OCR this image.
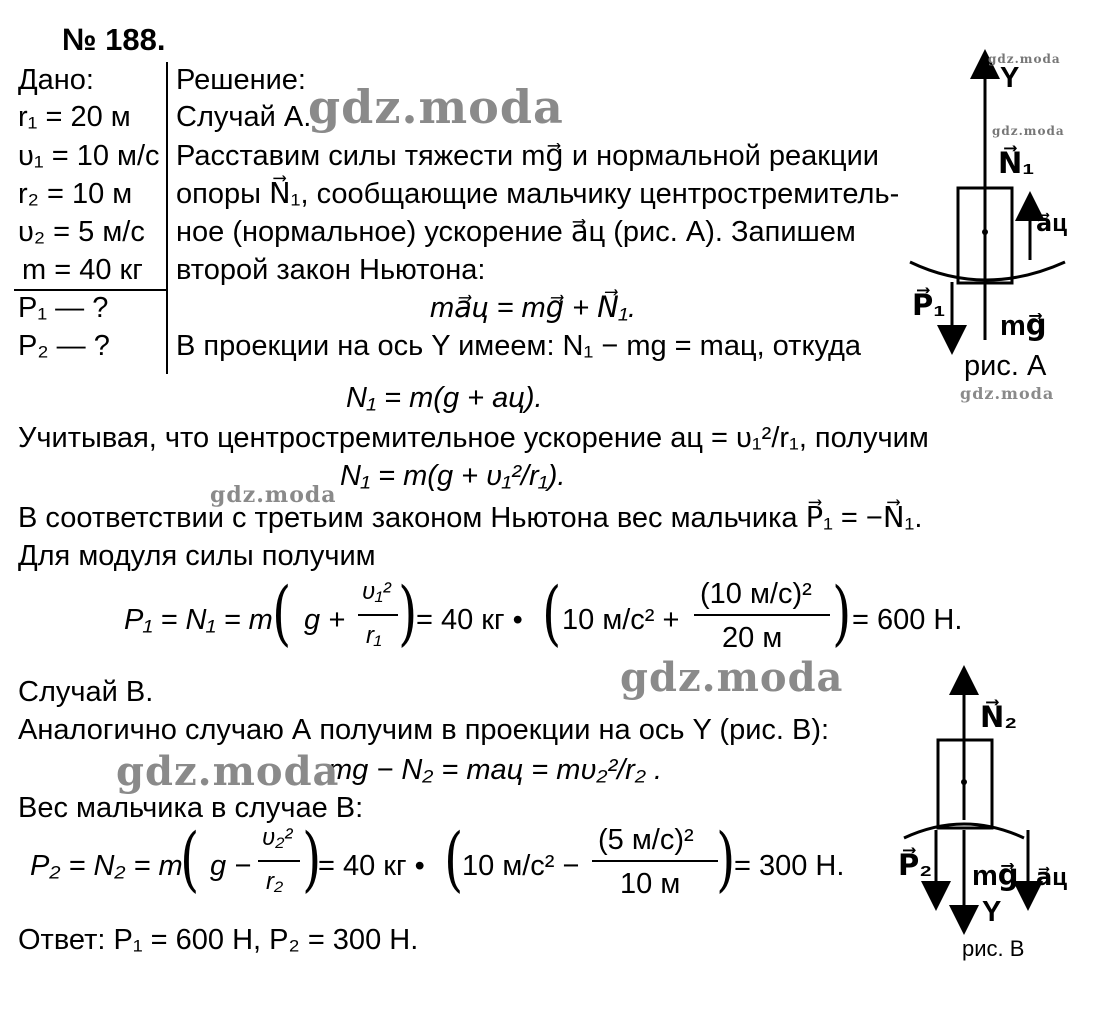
№ 188.
Дано:
r₁ = 20 м
υ₁ = 10 м/с
r₂ = 10 м
υ₂ = 5 м/с
m = 40 кг
P₁ — ?
P₂ — ?
Решение:
Случай А.
Расставим силы тяжести mg⃗ и нормальной реакции
опоры N⃗₁, сообщающие мальчику центростремитель-
ное (нормальное) ускорение a⃗ц (рис. А). Запишем
второй закон Ньютона:
ma⃗ц = mg⃗ + N⃗₁.
В проекции на ось Y имеем: N₁ − mg = maц, откуда
N₁ = m(g + aц).
Учитывая, что центростремительное ускорение aц = υ₁²/r₁, получим
N₁ = m(g + υ₁²/r₁).
В соответствии с третьим законом Ньютона вес мальчика P⃗₁ = −N⃗₁.
Для модуля силы получим
P₁ = N₁ = m ( g +
υ₁²
r₁ )
= 40 кг • ( 10 м/с² +
(10 м/с)²
20 м ) = 600 Н.
Случай В.
Аналогично случаю А получим в проекции на ось Y (рис. В):
mg − N₂ = maц = mυ₂²/r₂ .
Вес мальчика в случае В:
P₂ = N₂ = m
( g −
υ₂²
r₂ )
= 40 кг • (
10 м/с² −
(5 м/с)²
10 м )
= 300 Н.
Ответ: P₁ = 600 Н, P₂ = 300 Н.
Y
N⃗₁
a⃗ц
P⃗₁
mg⃗
рис. А
N⃗₂
P⃗₂ mg⃗ a⃗ц
Y
рис. В
gdz.moda
gdz.moda
gdz.moda
gdz.moda
gdz.moda
gdz.moda
gdz.moda
